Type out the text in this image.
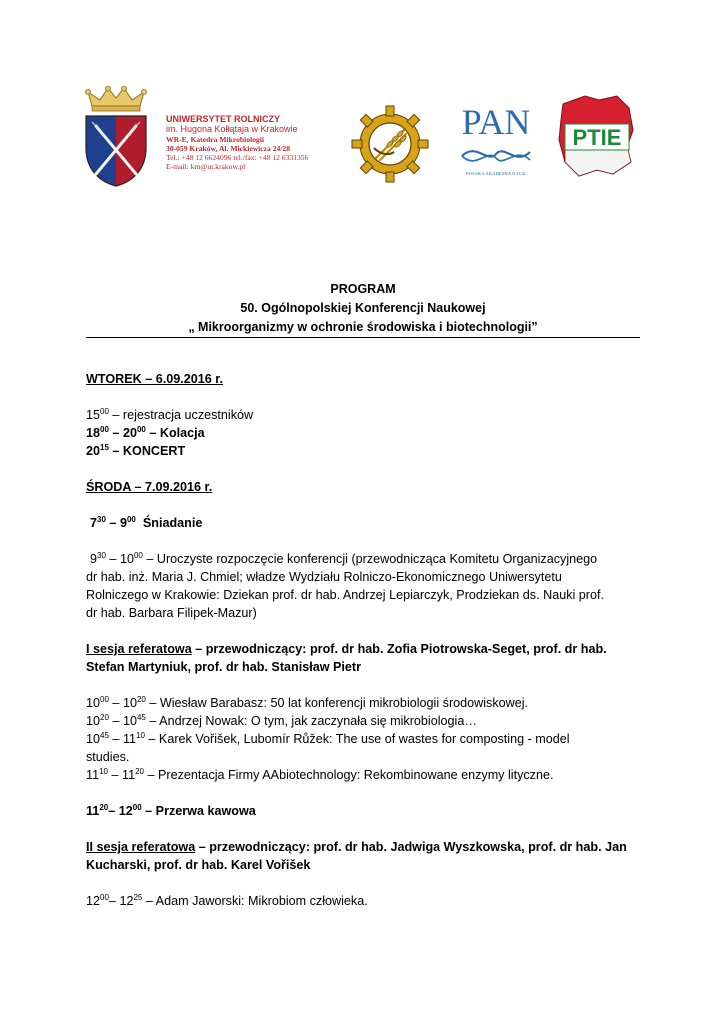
UNIWERSYTET ROLNICZY
im. Hugona Kołłątaja w Krakowie
WR-E, Katedra Mikrobiologii
30-059 Kraków, Al. Mickiewicza 24/28
Tel.: +48 12 6624096 tel./fax: +48 12 6331356
E-mail: km@ur.krakow.pl
PAN
POLSKA AKADEMIA NAUK
PTIE
PROGRAM
50. Ogólnopolskiej Konferencji Naukowej
„ Mikroorganizmy w ochronie środowiska i biotechnologii”

WTOREK – 6.09.2016 r.

$15^{00}$ – rejestracja uczestników

$18^{00} - 20^{00}$ – Kolacja

$20^{15}$ – KONCERT

ŚRODA – 7.09.2016 r.

$7^{30} - 9^{00}$ Śniadanie

$9^{30} - 10^{00}$ – Uroczyste rozpoczęcie konferencji (przewodnicząca Komitetu Organizacyjnego

dr hab. inż. Maria J. Chmiel; władze Wydziału Rolniczo-Ekonomicznego Uniwersytetu

Rolniczego w Krakowie: Dziekan prof. dr hab. Andrzej Lepiarczyk, Prodziekan ds. Nauki prof.

dr hab. Barbara Filipek-Mazur)

I sesja referatowa – przewodniczący: prof. dr hab. Zofia Piotrowska-Seget, prof. dr hab.

Stefan Martyniuk, prof. dr hab. Stanisław Pietr

$10^{00} - 10^{20}$ – Wiesław Barabasz: 50 lat konferencji mikrobiologii środowiskowej.

$10^{20} - 10^{45}$ – Andrzej Nowak: O tym, jak zaczynała się mikrobiologia…

$10^{45} - 11^{10}$ – Karek Vořišek, Lubomír Růžek: The use of wastes for composting - model

studies.

$11^{10} - 11^{20}$ – Prezentacja Firmy AAbiotechnology: Rekombinowane enzymy lityczne.

$11^{20}-$ $12^{00}$ – Przerwa kawowa

II sesja referatowa – przewodniczący: prof. dr hab. Jadwiga Wyszkowska, prof. dr hab. Jan

Kucharski, prof. dr hab. Karel Vořišek

$12^{00}-$ $12^{25}$ – Adam Jaworski: Mikrobiom człowieka.
